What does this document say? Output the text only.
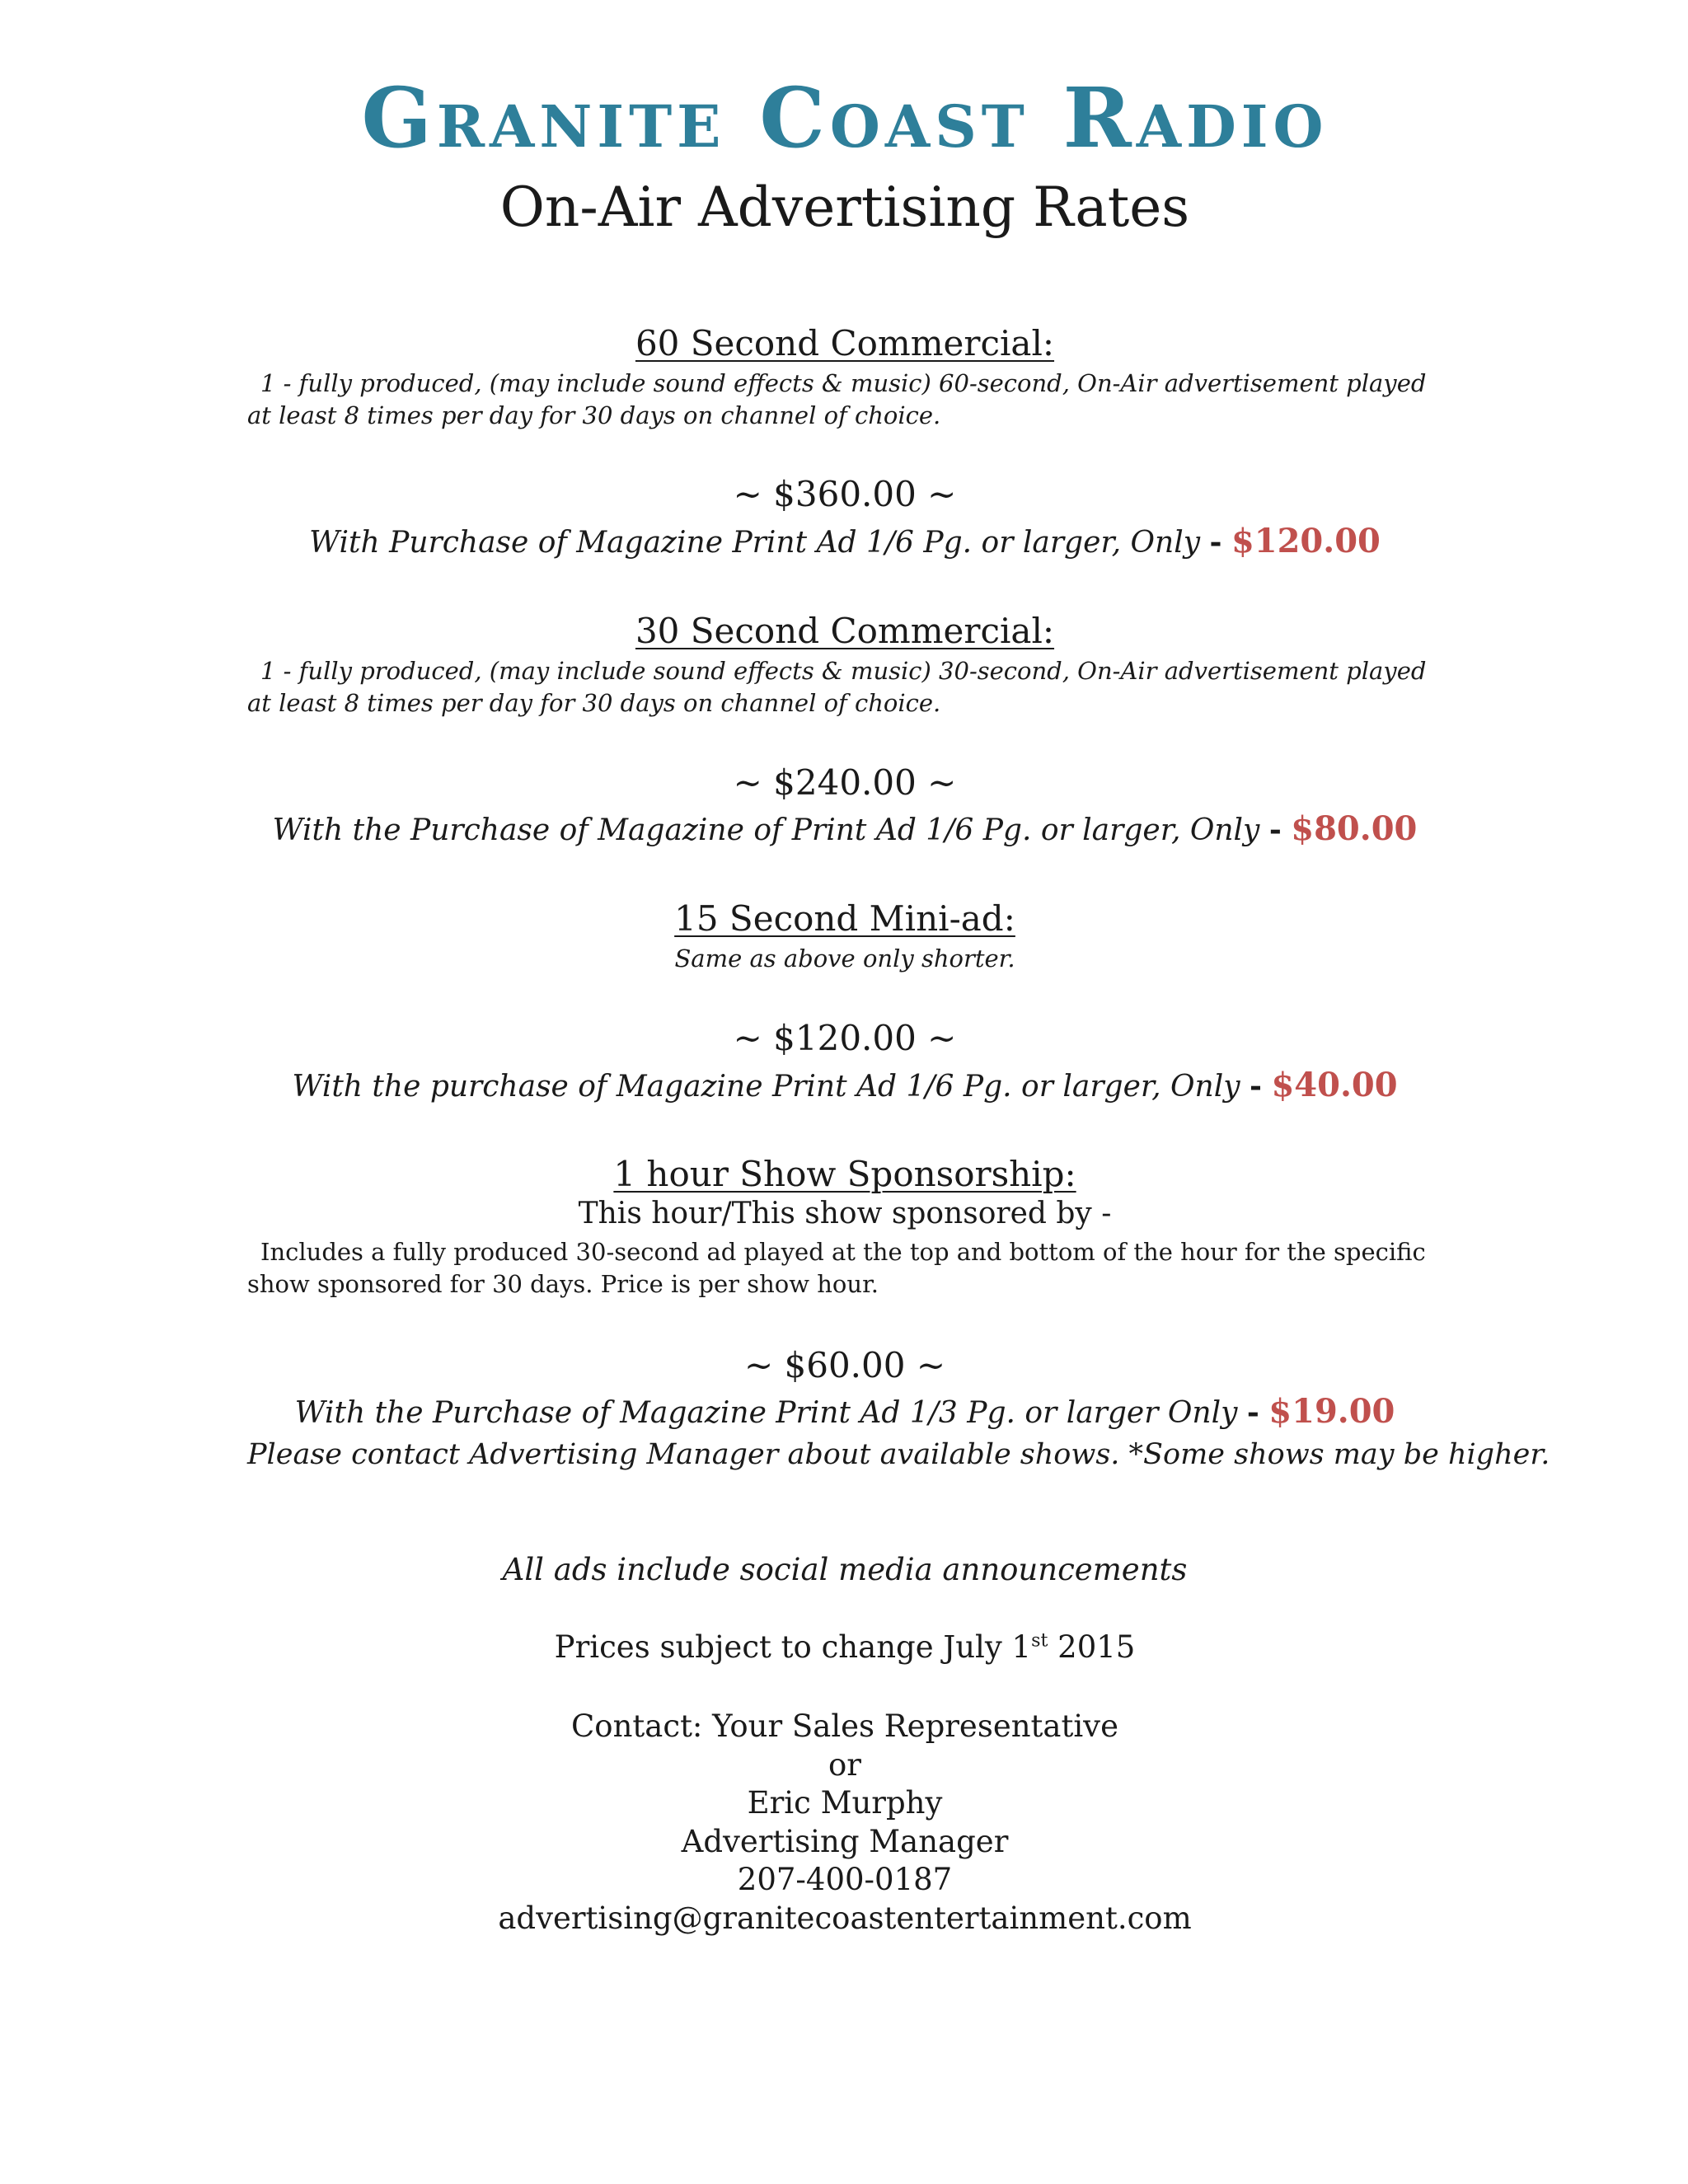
Granite Coast Radio
On-Air Advertising Rates
60 Second Commercial:
1 - fully produced, (may include sound effects & music) 60-second, On-Air advertisement played at least 8 times per day for 30 days on channel of choice.
~ $360.00 ~
With Purchase of Magazine Print Ad 1/6 Pg. or larger, Only - $120.00
30 Second Commercial:
1 - fully produced, (may include sound effects & music) 30-second, On-Air advertisement played at least 8 times per day for 30 days on channel of choice.
~ $240.00 ~
With the Purchase of Magazine of Print Ad 1/6 Pg. or larger, Only - $80.00
15 Second Mini-ad:
Same as above only shorter.
~ $120.00 ~
With the purchase of Magazine Print Ad 1/6 Pg. or larger, Only - $40.00
1 hour Show Sponsorship:
This hour/This show sponsored by -
Includes a fully produced 30-second ad played at the top and bottom of the hour for the specific show sponsored for 30 days. Price is per show hour.
~ $60.00 ~
With the Purchase of Magazine Print Ad 1/3 Pg. or larger Only - $19.00
Please contact Advertising Manager about available shows. *Some shows may be higher.
All ads include social media announcements
Prices subject to change July 1st 2015
Contact: Your Sales Representative
or
Eric Murphy
Advertising Manager
207-400-0187
advertising@granitecoastentertainment.com
